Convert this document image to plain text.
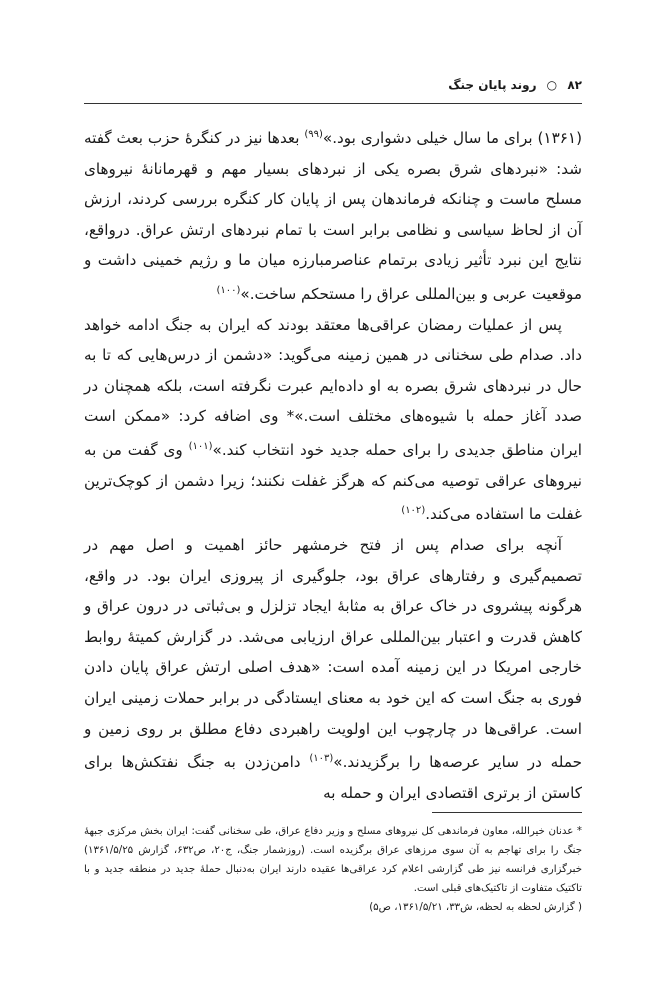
۸۲ ○ روند پایان جنگ

(۱۳۶۱) برای ما سال خیلی دشواری بود.»$^{(۹۹)}$ بعدها نیز در کنگرهٔ حزب بعث گفته شد: «نبردهای شرق بصره یکی از نبردهای بسیار مهم و قهرمانانهٔ نیروهای مسلح ماست و چنانکه فرماندهان پس از پایان کار کنگره بررسی کردند، ارزش آن از لحاظ سیاسی و نظامی برابر است با تمام نبردهای ارتش عراق. درواقع، نتایج این نبرد تأثیر زیادی برتمام عناصرمبارزه میان ما و رژیم خمینی داشت و موقعیت عربی و بین‌المللی عراق را مستحکم ساخت.»$^{(۱۰۰)}$

پس از عملیات رمضان عراقی‌ها معتقد بودند که ایران به جنگ ادامه خواهد داد. صدام طی سخنانی در همین زمینه می‌گوید: «دشمن از درس‌هایی که تا به حال در نبردهای شرق بصره به او داده‌ایم عبرت نگرفته است، بلکه همچنان در صدد آغاز حمله با شیوه‌های مختلف است.»* وی اضافه کرد: «ممکن است ایران مناطق جدیدی را برای حمله جدید خود انتخاب کند.»$^{(۱۰۱)}$ وی گفت من به نیروهای عراقی توصیه می‌کنم که هرگز غفلت نکنند؛ زیرا دشمن از کوچک‌ترین غفلت ما استفاده می‌کند.$^{(۱۰۲)}$

آنچه برای صدام پس از فتح خرمشهر حائز اهمیت و اصل مهم در تصمیم‌گیری و رفتارهای عراق بود، جلوگیری از پیروزی ایران بود. در واقع، هرگونه پیشروی در خاک عراق به مثابهٔ ایجاد تزلزل و بی‌ثباتی در درون عراق و کاهش قدرت و اعتبار بین‌المللی عراق ارزیابی می‌شد. در گزارش کمیتهٔ روابط خارجی امریکا در این زمینه آمده است: «هدف اصلی ارتش عراق پایان دادن فوری به جنگ است که این خود به معنای ایستادگی در برابر حملات زمینی ایران است. عراقی‌ها در چارچوب این اولویت راهبردی دفاع مطلق بر روی زمین و حمله در سایر عرصه‌ها را برگزیدند.»$^{(۱۰۳)}$ دامن‌زدن به جنگ نفتکش‌ها برای کاستن از برتری اقتصادی ایران و حمله به

* عدنان خیرالله، معاون فرماندهی کل نیروهای مسلح و وزیر دفاع عراق، طی سخنانی گفت: ایران بخش مرکزی جبههٔ جنگ را برای تهاجم به آن سوی مرزهای عراق برگزیده است. (روزشمار جنگ، ج۲۰، ص۶۳۲، گزارش ۱۳۶۱/۵/۲۵) خبرگزاری فرانسه نیز طی گزارشی اعلام کرد عراقی‌ها عقیده دارند ایران به‌دنبال حملهٔ جدید در منطقه جدید و با تاکتیک متفاوت از تاکتیک‌های قبلی است.

( گزارش لحظه به لحظه، ش۳۳، ۱۳۶۱/۵/۲۱، ص۵)
